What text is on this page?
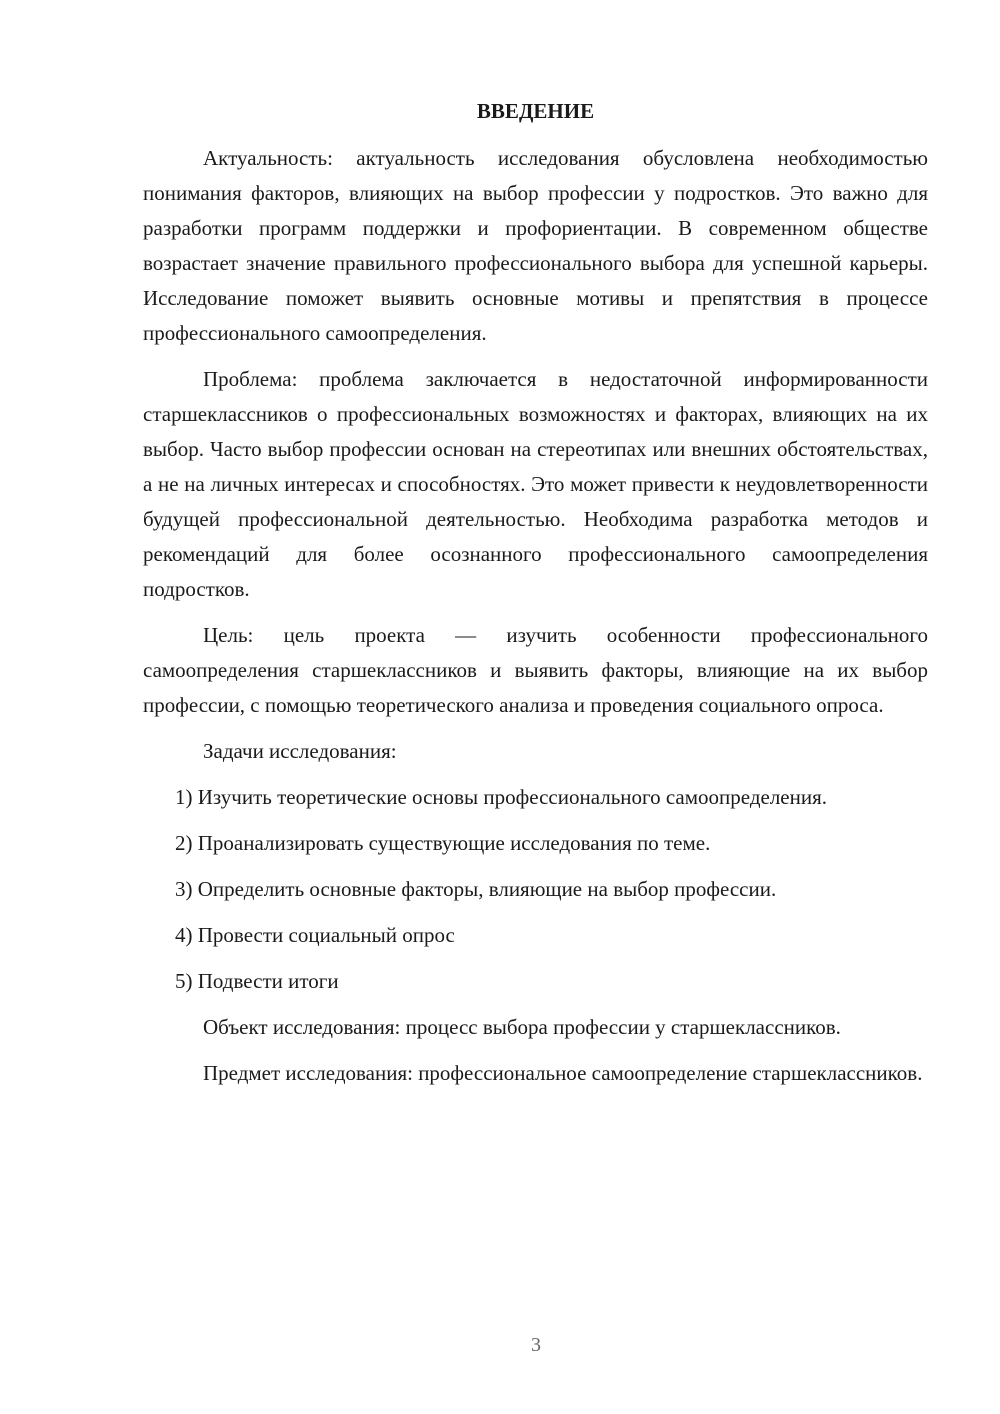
ВВЕДЕНИЕ

Актуальность: актуальность исследования обусловлена необходимостью понимания факторов, влияющих на выбор профессии у подростков. Это важно для разработки программ поддержки и профориентации. В современном обществе возрастает значение правильного профессионального выбора для успешной карьеры. Исследование поможет выявить основные мотивы и препятствия в процессе профессионального самоопределения.

Проблема: проблема заключается в недостаточной информированности старшеклассников о профессиональных возможностях и факторах, влияющих на их выбор. Часто выбор профессии основан на стереотипах или внешних обстоятельствах, а не на личных интересах и способностях. Это может привести к неудовлетворенности будущей профессиональной деятельностью. Необходима разработка методов и рекомендаций для более осознанного профессионального самоопределения подростков.

Цель: цель проекта — изучить особенности профессионального самоопределения старшеклассников и выявить факторы, влияющие на их выбор профессии, с помощью теоретического анализа и проведения социального опроса.

Задачи исследования:

1) Изучить теоретические основы профессионального самоопределения.

2) Проанализировать существующие исследования по теме.

3) Определить основные факторы, влияющие на выбор профессии.

4) Провести социальный опрос

5) Подвести итоги

Объект исследования: процесс выбора профессии у старшеклассников.

Предмет исследования: профессиональное самоопределение старшеклассников.

3
